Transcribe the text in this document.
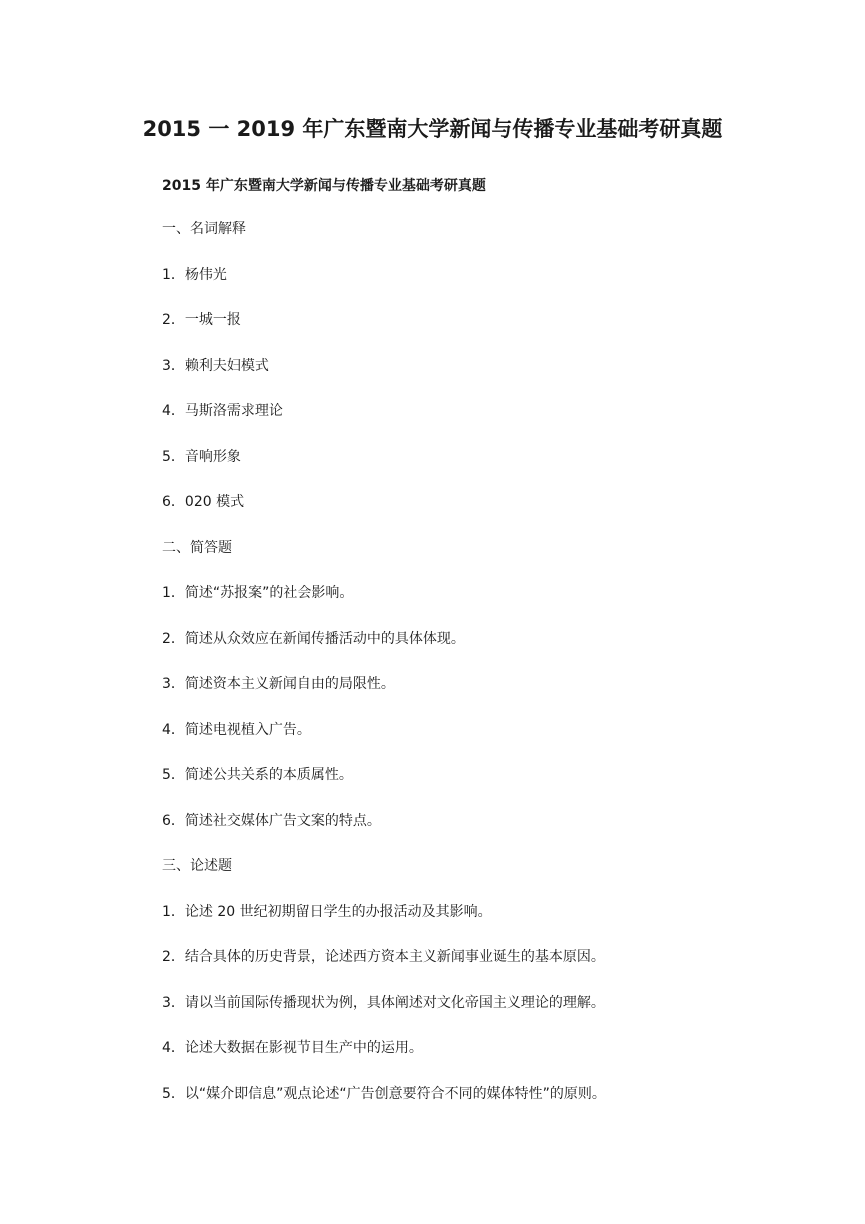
2015 一 2019 年广东暨南大学新闻与传播专业基础考研真题
2015 年广东暨南大学新闻与传播专业基础考研真题
一、名词解释
1．杨伟光
2．一城一报
3．赖利夫妇模式
4．马斯洛需求理论
5．音响形象
6．020 模式
二、简答题
1．简述“苏报案”的社会影响。
2．简述从众效应在新闻传播活动中的具体体现。
3．简述资本主义新闻自由的局限性。
4．简述电视植入广告。
5．简述公共关系的本质属性。
6．简述社交媒体广告文案的特点。
三、论述题
1．论述 20 世纪初期留日学生的办报活动及其影响。
2．结合具体的历史背景，论述西方资本主义新闻事业诞生的基本原因。
3．请以当前国际传播现状为例，具体阐述对文化帝国主义理论的理解。
4．论述大数据在影视节目生产中的运用。
5．以“媒介即信息”观点论述“广告创意要符合不同的媒体特性”的原则。
